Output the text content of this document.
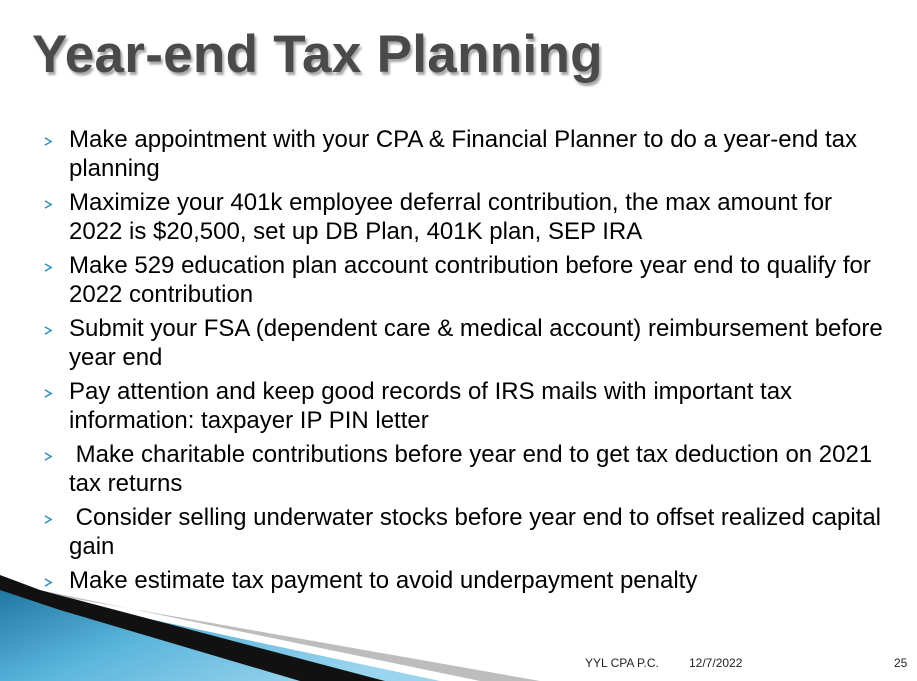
Year-end Tax Planning
Make appointment with your CPA & Financial Planner to do a year-end tax planning
Maximize your 401k employee deferral contribution, the max amount for 2022 is $20,500, set up DB Plan, 401K plan, SEP IRA
Make 529 education plan account contribution before year end to qualify for 2022 contribution
Submit your FSA (dependent care & medical account) reimbursement before year end
Pay attention and keep good records of IRS mails with important tax information: taxpayer IP PIN letter
Make charitable contributions before year end to get tax deduction on 2021 tax returns
Consider selling underwater stocks before year end to offset realized capital gain
Make estimate tax payment to avoid underpayment penalty
YYL CPA P.C.	12/7/2022	25
